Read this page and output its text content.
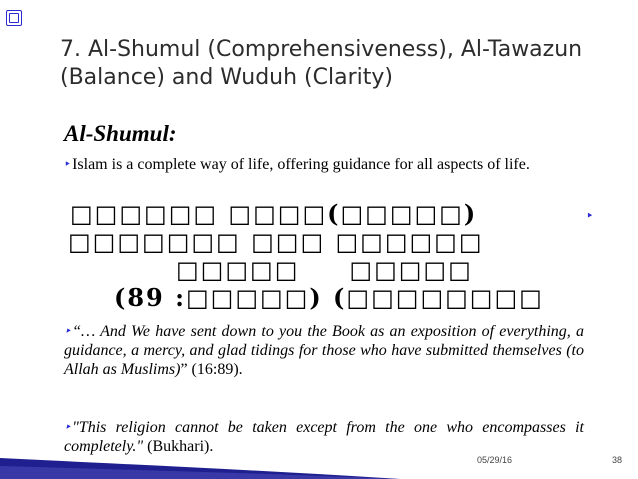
7. Al-Shumul (Comprehensiveness), Al-Tawazun (Balance) and Wuduh (Clarity)
Al-Shumul:
‣Islam is a complete way of life, offering guidance for all aspects of life.
□□□□□□ □□□□(□□□□□)
□□□□□□□ □□□ □□□□□□
□□□□□ □□□□□
(89 :□□□□□) (□□□□□□□□
‣
‣“… And We have sent down to you the Book as an exposition of everything, a guidance, a mercy, and glad tidings for those who have submitted themselves (to Allah as Muslims)” (16:89).
‣"This religion cannot be taken except from the one who encompasses it completely." (Bukhari).
05/29/16	38
